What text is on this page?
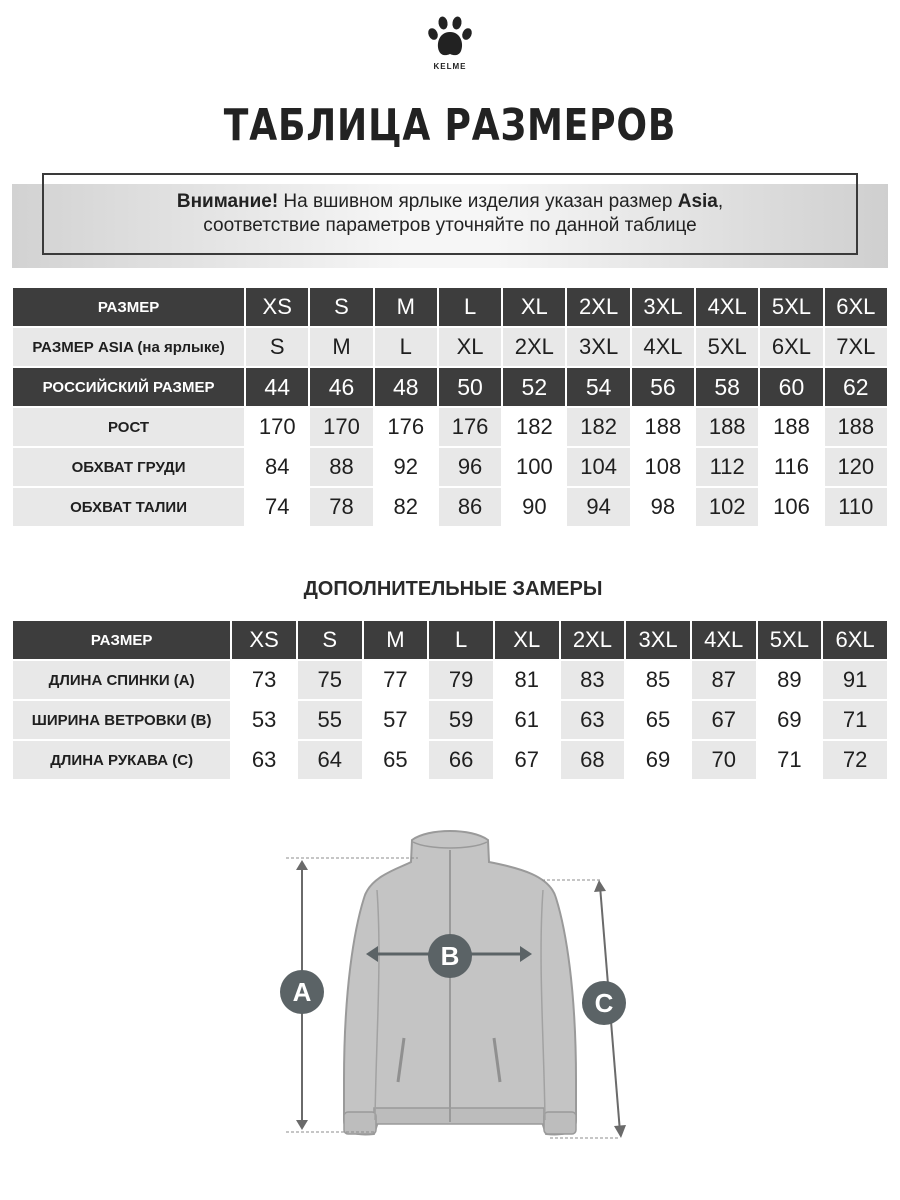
KELME
ТАБЛИЦА РАЗМЕРОВ
Внимание! На вшивном ярлыке изделия указан размер Asia,
соответствие параметров уточняйте по данной таблице
РАЗМЕР	XS	S	M	L	XL	2XL	3XL	4XL	5XL	6XL
РАЗМЕР ASIA (на ярлыке)	S	M	L	XL	2XL	3XL	4XL	5XL	6XL	7XL
РОССИЙСКИЙ РАЗМЕР	44	46	48	50	52	54	56	58	60	62
РОСТ	170	170	176	176	182	182	188	188	188	188
ОБХВАТ ГРУДИ	84	88	92	96	100	104	108	112	116	120
ОБХВАТ ТАЛИИ	74	78	82	86	90	94	98	102	106	110
ДОПОЛНИТЕЛЬНЫЕ ЗАМЕРЫ
РАЗМЕР	XS	S	M	L	XL	2XL	3XL	4XL	5XL	6XL
ДЛИНА СПИНКИ (А)	73	75	77	79	81	83	85	87	89	91
ШИРИНА ВЕТРОВКИ (В)	53	55	57	59	61	63	65	67	69	71
ДЛИНА РУКАВА (С)	63	64	65	66	67	68	69	70	71	72
A
B
C
